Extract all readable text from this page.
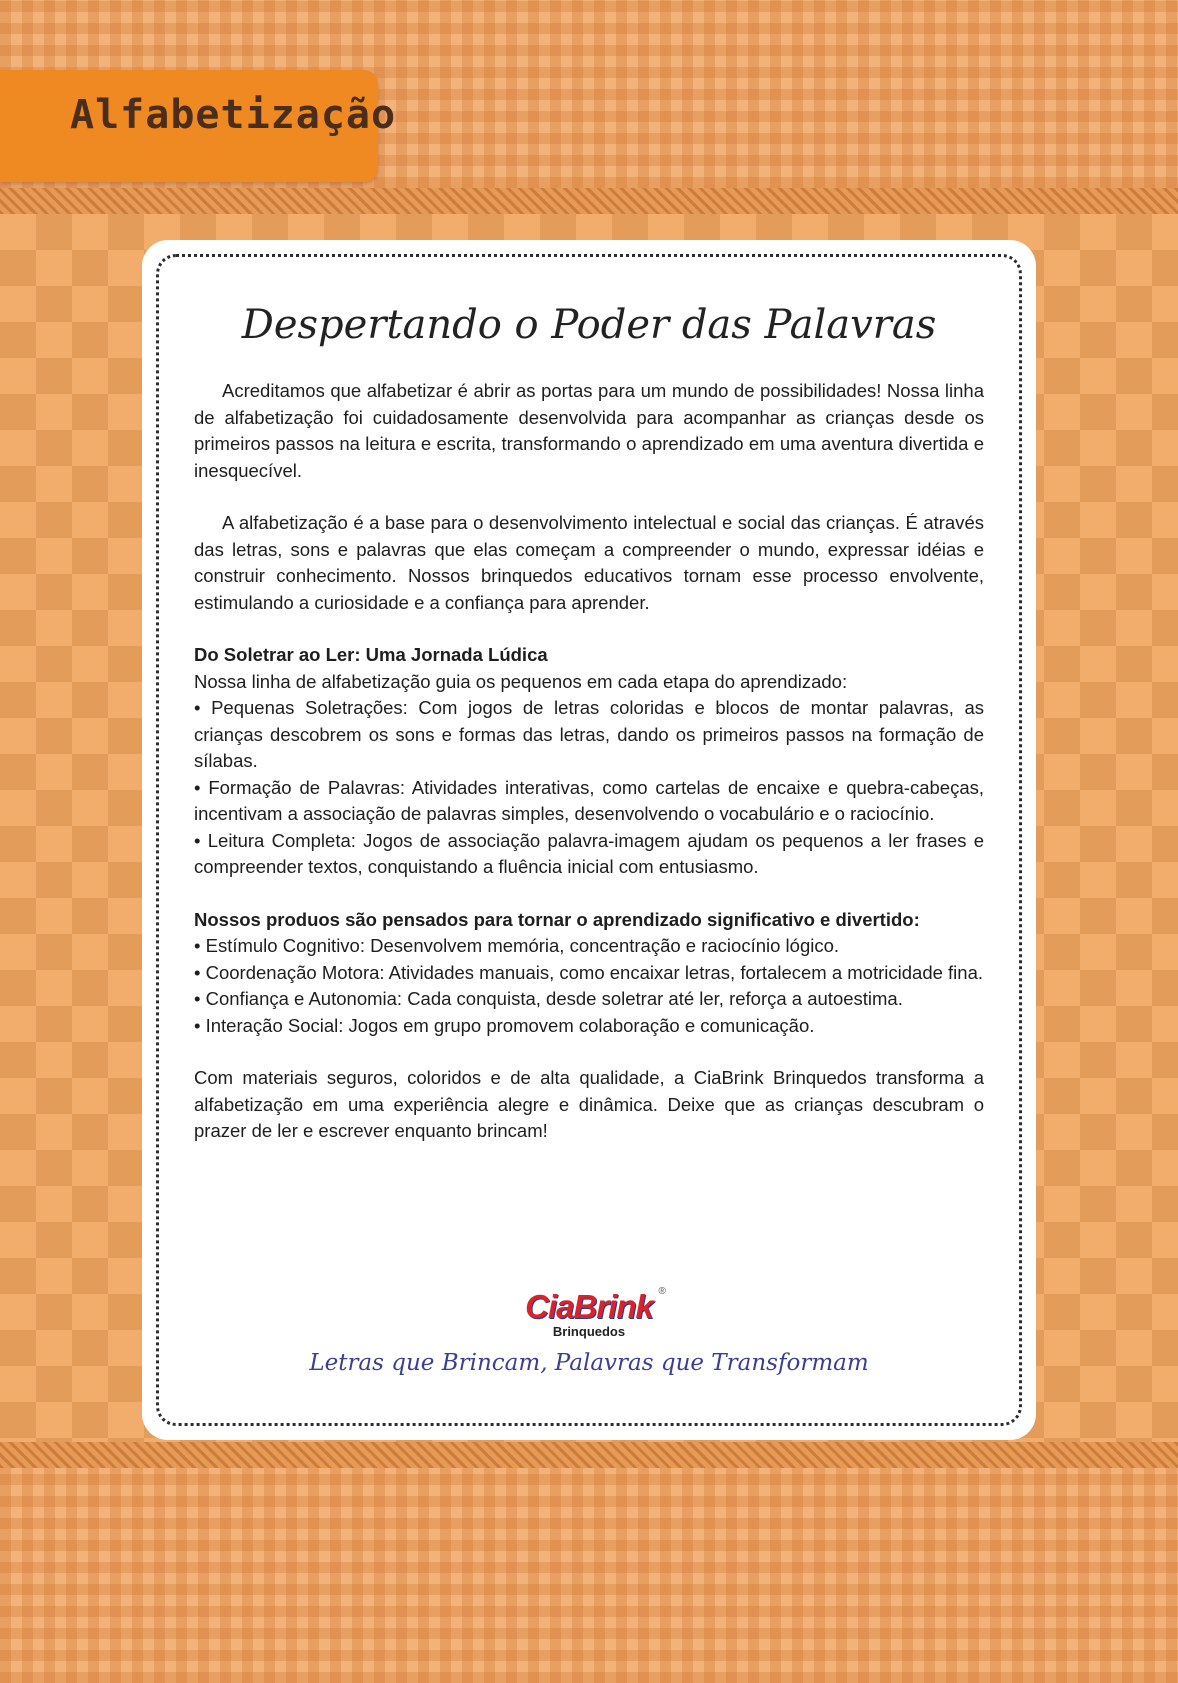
Alfabetização
Despertando o Poder das Palavras

Acreditamos que alfabetizar é abrir as portas para um mundo de possibilidades! Nossa linha de alfabetização foi cuidadosamente desenvolvida para acompanhar as crianças desde os primeiros passos na leitura e escrita, transformando o aprendizado em uma aventura divertida e inesquecível.

A alfabetização é a base para o desenvolvimento intelectual e social das crianças. É através das letras, sons e palavras que elas começam a compreender o mundo, expressar idéias e construir conhecimento. Nossos brinquedos educativos tornam esse processo envolvente, estimulando a curiosidade e a confiança para aprender.

Do Soletrar ao Ler: Uma Jornada Lúdica
Nossa linha de alfabetização guia os pequenos em cada etapa do aprendizado:
• Pequenas Soletrações: Com jogos de letras coloridas e blocos de montar palavras, as crianças descobrem os sons e formas das letras, dando os primeiros passos na formação de sílabas.
• Formação de Palavras: Atividades interativas, como cartelas de encaixe e quebra-cabeças, incentivam a associação de palavras simples, desenvolvendo o vocabulário e o raciocínio.
• Leitura Completa: Jogos de associação palavra-imagem ajudam os pequenos a ler frases e compreender textos, conquistando a fluência inicial com entusiasmo.

Nossos produos são pensados para tornar o aprendizado significativo e divertido:
• Estímulo Cognitivo: Desenvolvem memória, concentração e raciocínio lógico.
• Coordenação Motora: Atividades manuais, como encaixar letras, fortalecem a motricidade fina.
• Confiança e Autonomia: Cada conquista, desde soletrar até ler, reforça a autoestima.
• Interação Social: Jogos em grupo promovem colaboração e comunicação.

Com materiais seguros, coloridos e de alta qualidade, a CiaBrink Brinquedos transforma a alfabetização em uma experiência alegre e dinâmica. Deixe que as crianças descubram o prazer de ler e escrever enquanto brincam!

CiaBrink ®
Brinquedos
Letras que Brincam, Palavras que Transformam
